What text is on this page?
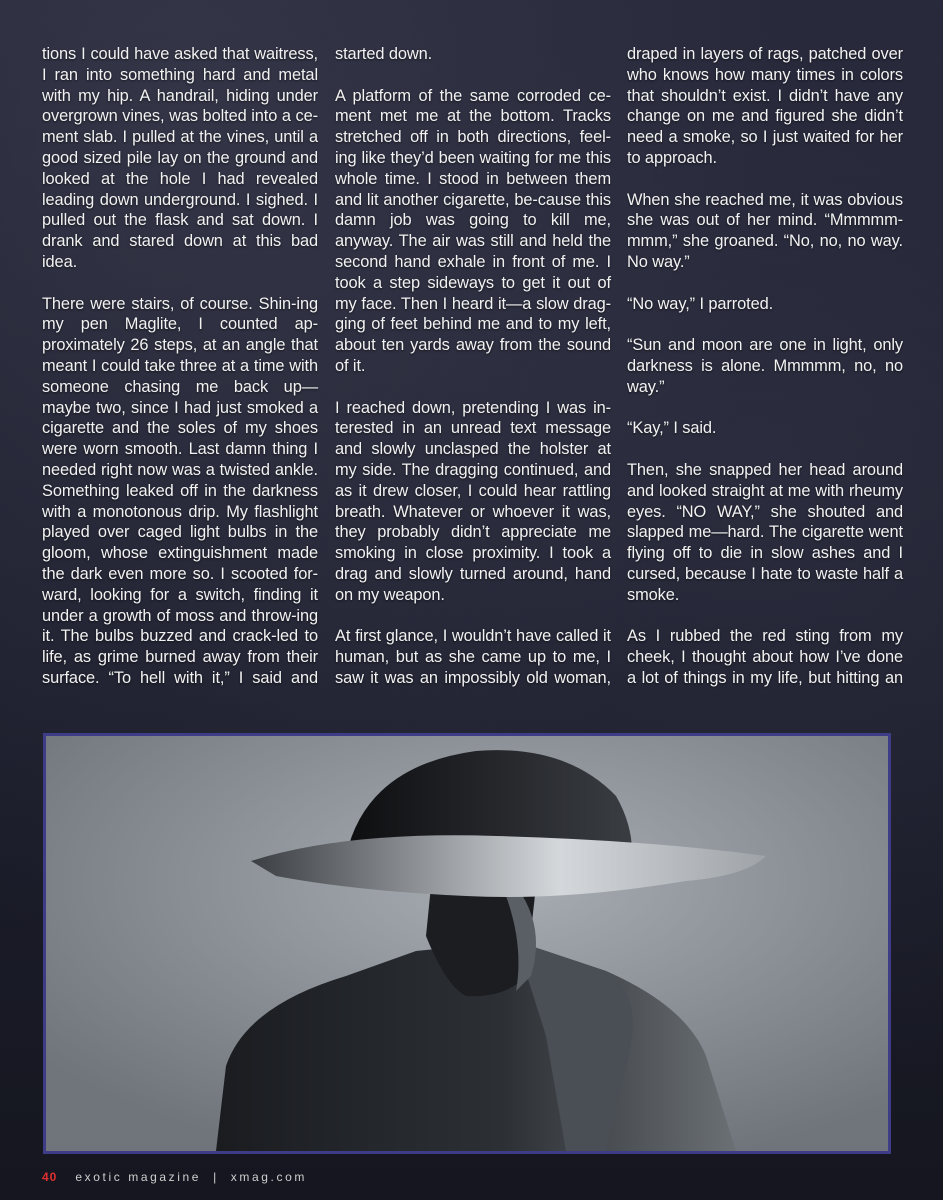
tions I could have asked that waitress, I ran into something hard and metal with my hip. A handrail, hiding under overgrown vines, was bolted into a ce-ment slab. I pulled at the vines, until a good sized pile lay on the ground and looked at the hole I had revealed leading down underground. I sighed. I pulled out the flask and sat down. I drank and stared down at this bad idea.

There were stairs, of course. Shin-ing my pen Maglite, I counted ap-proximately 26 steps, at an angle that meant I could take three at a time with someone chasing me back up—maybe two, since I had just smoked a cigarette and the soles of my shoes were worn smooth. Last damn thing I needed right now was a twisted ankle. Something leaked off in the darkness with a monotonous drip. My flashlight played over caged light bulbs in the gloom, whose extinguishment made the dark even more so. I scooted for-ward, looking for a switch, finding it under a growth of moss and throw-ing it. The bulbs buzzed and crack-led to life, as grime burned away from their surface. “To hell with it,” I said and

started down.

A platform of the same corroded ce-ment met me at the bottom. Tracks stretched off in both directions, feel-ing like they’d been waiting for me this whole time. I stood in between them and lit another cigarette, be-cause this damn job was going to kill me, anyway. The air was still and held the second hand exhale in front of me. I took a step sideways to get it out of my face. Then I heard it—a slow drag-ging of feet behind me and to my left, about ten yards away from the sound of it.

I reached down, pretending I was in-terested in an unread text message and slowly unclasped the holster at my side. The dragging continued, and as it drew closer, I could hear rattling breath. Whatever or whoever it was, they probably didn’t appreciate me smoking in close proximity. I took a drag and slowly turned around, hand on my weapon.

At first glance, I wouldn’t have called it human, but as she came up to me, I saw it was an impossibly old woman,

draped in layers of rags, patched over who knows how many times in colors that shouldn’t exist. I didn’t have any change on me and figured she didn’t need a smoke, so I just waited for her to approach.

When she reached me, it was obvious she was out of her mind. “Mmmmm-mmm,” she groaned. “No, no, no way. No way.”

“No way,” I parroted.

“Sun and moon are one in light, only darkness is alone. Mmmmm, no, no way.”

“Kay,” I said.

Then, she snapped her head around and looked straight at me with rheumy eyes. “NO WAY,” she shouted and slapped me—hard. The cigarette went flying off to die in slow ashes and I cursed, because I hate to waste half a smoke.

As I rubbed the red sting from my cheek, I thought about how I’ve done a lot of things in my life, but hitting an

40 exotic magazine | xmag.com
